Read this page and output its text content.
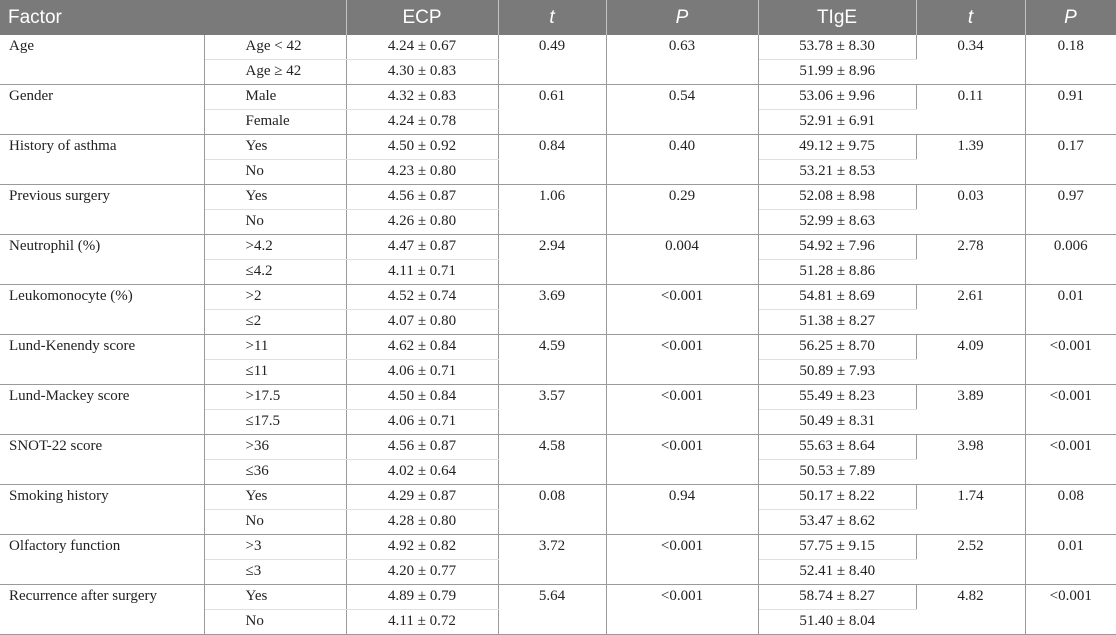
Factor		ECP	t	P	TIgE	t	P
Age	Age < 42	4.24 ± 0.67	0.49	0.63	53.78 ± 8.30	0.34	0.18
	Age ≥ 42	4.30 ± 0.83			51.99 ± 8.96		
Gender	Male	4.32 ± 0.83	0.61	0.54	53.06 ± 9.96	0.11	0.91
	Female	4.24 ± 0.78			52.91 ± 6.91		
History of asthma	Yes	4.50 ± 0.92	0.84	0.40	49.12 ± 9.75	1.39	0.17
	No	4.23 ± 0.80			53.21 ± 8.53		
Previous surgery	Yes	4.56 ± 0.87	1.06	0.29	52.08 ± 8.98	0.03	0.97
	No	4.26 ± 0.80			52.99 ± 8.63		
Neutrophil (%)	>4.2	4.47 ± 0.87	2.94	0.004	54.92 ± 7.96	2.78	0.006
	≤4.2	4.11 ± 0.71			51.28 ± 8.86		
Leukomonocyte (%)	>2	4.52 ± 0.74	3.69	<0.001	54.81 ± 8.69	2.61	0.01
	≤2	4.07 ± 0.80			51.38 ± 8.27		
Lund-Kenendy score	>11	4.62 ± 0.84	4.59	<0.001	56.25 ± 8.70	4.09	<0.001
	≤11	4.06 ± 0.71			50.89 ± 7.93		
Lund-Mackey score	>17.5	4.50 ± 0.84	3.57	<0.001	55.49 ± 8.23	3.89	<0.001
	≤17.5	4.06 ± 0.71			50.49 ± 8.31		
SNOT-22 score	>36	4.56 ± 0.87	4.58	<0.001	55.63 ± 8.64	3.98	<0.001
	≤36	4.02 ± 0.64			50.53 ± 7.89		
Smoking history	Yes	4.29 ± 0.87	0.08	0.94	50.17 ± 8.22	1.74	0.08
	No	4.28 ± 0.80			53.47 ± 8.62		
Olfactory function	>3	4.92 ± 0.82	3.72	<0.001	57.75 ± 9.15	2.52	0.01
	≤3	4.20 ± 0.77			52.41 ± 8.40		
Recurrence after surgery	Yes	4.89 ± 0.79	5.64	<0.001	58.74 ± 8.27	4.82	<0.001
	No	4.11 ± 0.72			51.40 ± 8.04		
